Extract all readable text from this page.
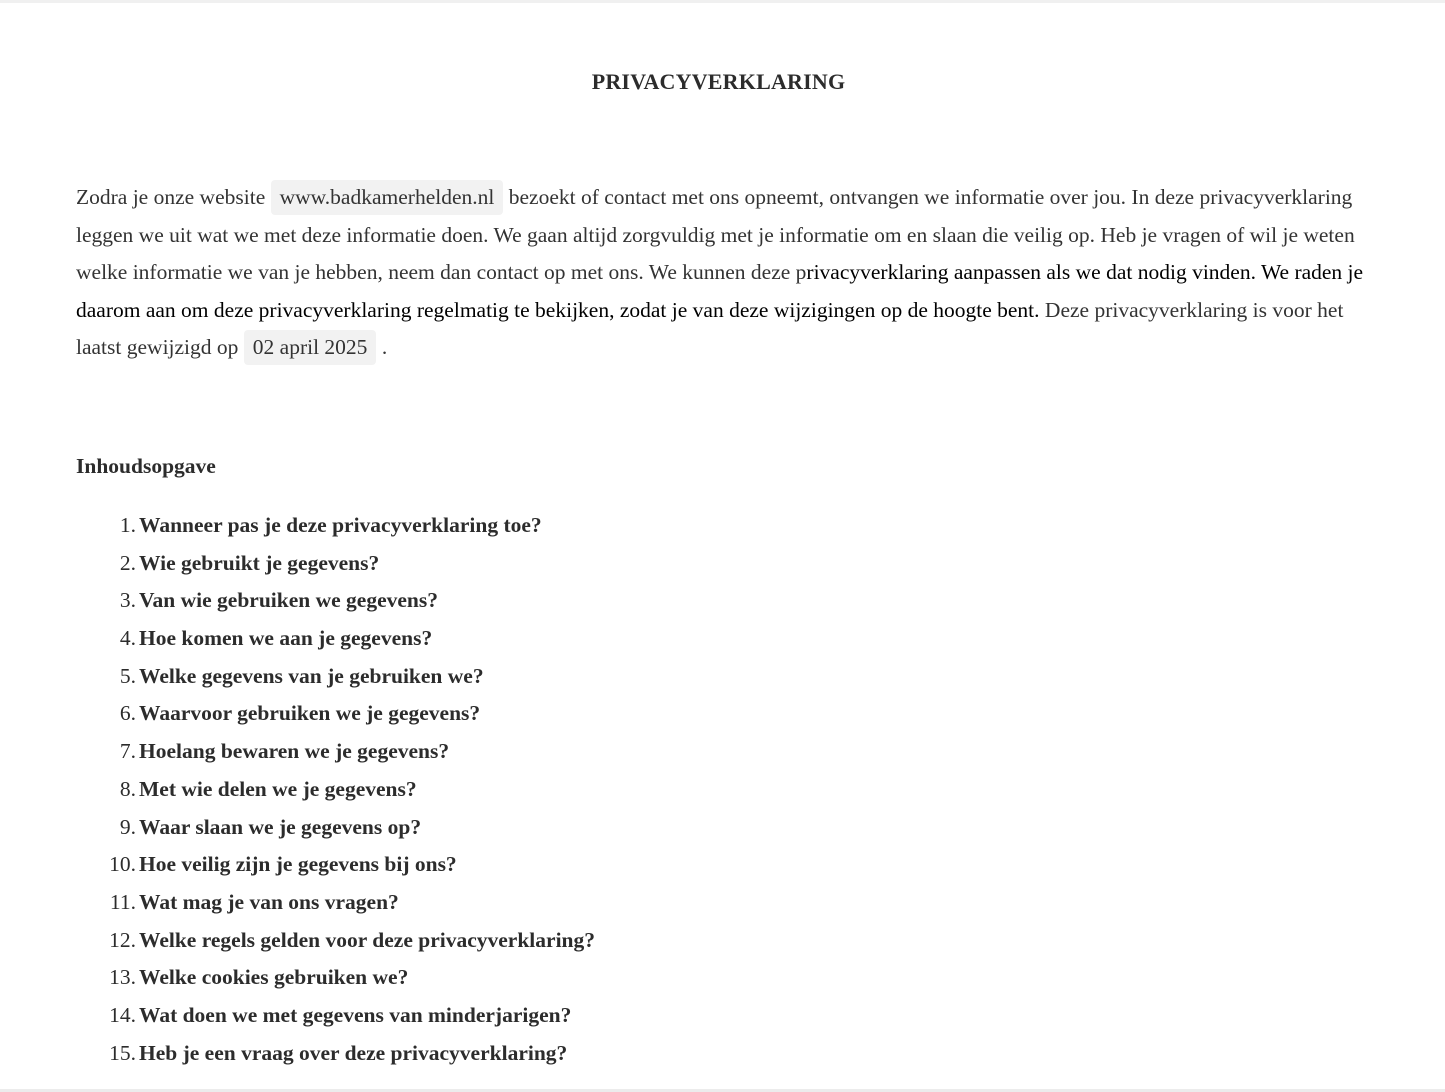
PRIVACYVERKLARING

Zodra je onze website www.badkamerhelden.nl bezoekt of contact met ons opneemt, ontvangen we informatie over jou. In deze privacyverklaring leggen we uit wat we met deze informatie doen. We gaan altijd zorgvuldig met je informatie om en slaan die veilig op. Heb je vragen of wil je weten welke informatie we van je hebben, neem dan contact op met ons. We kunnen deze privacyverklaring aanpassen als we dat nodig vinden. We raden je daarom aan om deze privacyverklaring regelmatig te bekijken, zodat je van deze wijzigingen op de hoogte bent. Deze privacyverklaring is voor het laatst gewijzigd op 02 april 2025 .

Inhoudsopgave
1. Wanneer pas je deze privacyverklaring toe?
2. Wie gebruikt je gegevens?
3. Van wie gebruiken we gegevens?
4. Hoe komen we aan je gegevens?
5. Welke gegevens van je gebruiken we?
6. Waarvoor gebruiken we je gegevens?
7. Hoelang bewaren we je gegevens?
8. Met wie delen we je gegevens?
9. Waar slaan we je gegevens op?
10. Hoe veilig zijn je gegevens bij ons?
11. Wat mag je van ons vragen?
12. Welke regels gelden voor deze privacyverklaring?
13. Welke cookies gebruiken we?
14. Wat doen we met gegevens van minderjarigen?
15. Heb je een vraag over deze privacyverklaring?
